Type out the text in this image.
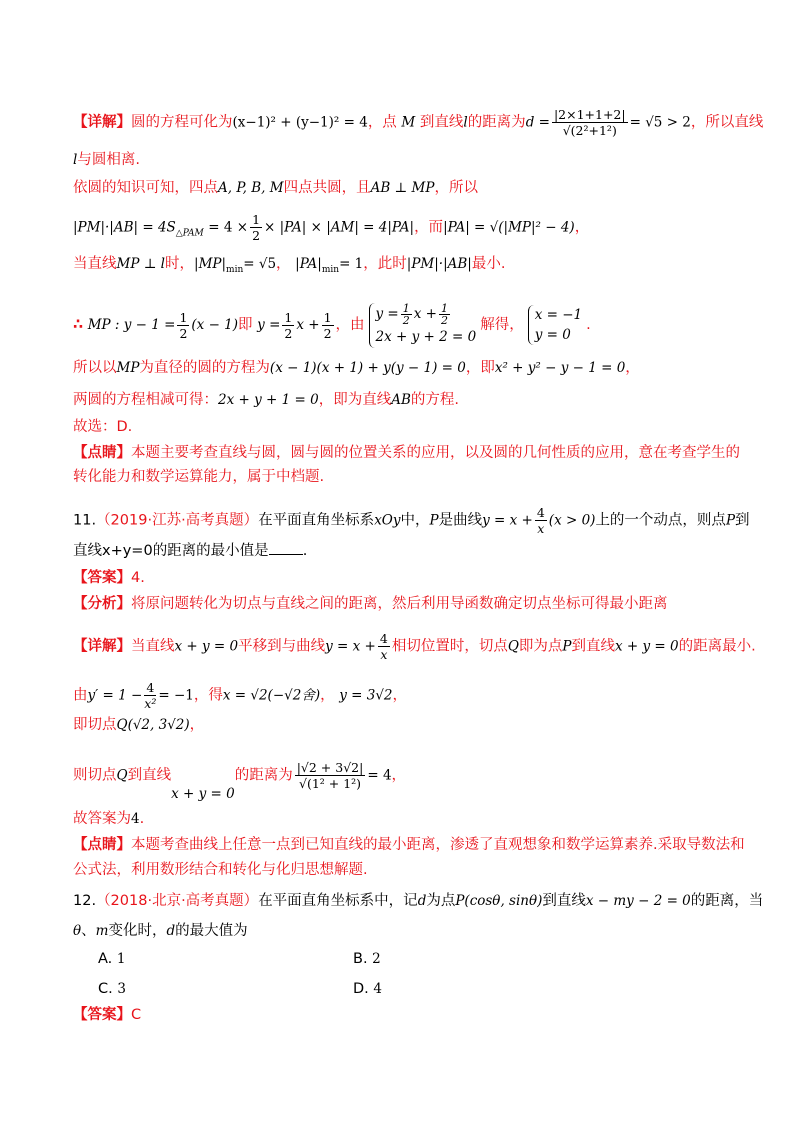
【详解】圆的方程可化为(x−1)² + (y−1)² = 4，点 M 到直线l的距离为$d = \frac{|2\times 1+1+2|}{\text{√(2²+1²)}} = √5 > 2$，所以直线
l与圆相离.
依圆的知识可知，四点A, P, B, M四点共圆，且AB ⊥ MP，所以
$|PM|\cdot|AB| = 4S_{\triangle PAM} = 4 \times \frac{1}{2} \times |PA| \times |AM| = 4|PA|$，而|PA| = √(|MP|² − 4)，
当直线MP ⊥ l时，$|MP|_{min}= √5$， $|PA|_{min}= 1$，此时|PM|·|AB|最小.
∴ MP : $y - 1 = \frac{1}{2} (x - 1)$即 $y = \frac{1}{2}$ $x + \frac{1}{2}$ ，由
$y = \frac{1}{2}$ $x + \frac{1}{2}$
2x + y + 2 = 0
解得，
x = −1
y = 0
.
所以以MP为直径的圆的方程为(x − 1)(x + 1) + y(y − 1) = 0，即x² + y² − y − 1 = 0，
两圆的方程相减可得：2x + y + 1 = 0，即为直线AB的方程.
故选：D.
【点睛】本题主要考查直线与圆，圆与圆的位置关系的应用，以及圆的几何性质的应用，意在考查学生的
转化能力和数学运算能力，属于中档题.
11.（2019·江苏·高考真题）在平面直角坐标系xOy中，P是曲线$y = x + \frac{4}{x} (x > 0)$上的一个动点，则点P到
直线x+y=0的距离的最小值是 .
【答案】4.
【分析】将原问题转化为切点与直线之间的距离，然后利用导函数确定切点坐标可得最小距离
【详解】当直线x + y = 0平移到与曲线$y = x + \frac{4}{x}$ 相切位置时，切点Q即为点P到直线x + y = 0的距离最小.
由$y' = 1 - \frac{4}{\text{x²}} = -1$，得x = √2(−√2舍)， y = 3√2，
即切点Q(√2, 3√2)，
则切点Q到直线x + y = 0的距离为 $\frac{|√2 + 3√2|}{\text{√(1² + 1²)}} = 4$，
故答案为4.
【点睛】本题考查曲线上任意一点到已知直线的最小距离，渗透了直观想象和数学运算素养.采取导数法和
公式法，利用数形结合和转化与化归思想解题.
12.（2018·北京·高考真题）在平面直角坐标系中，记d为点P(cosθ, sinθ)到直线x − my − 2 = 0的距离，当
θ、m变化时，d的最大值为
A. 1	B. 2
C. 3	D. 4
【答案】C
